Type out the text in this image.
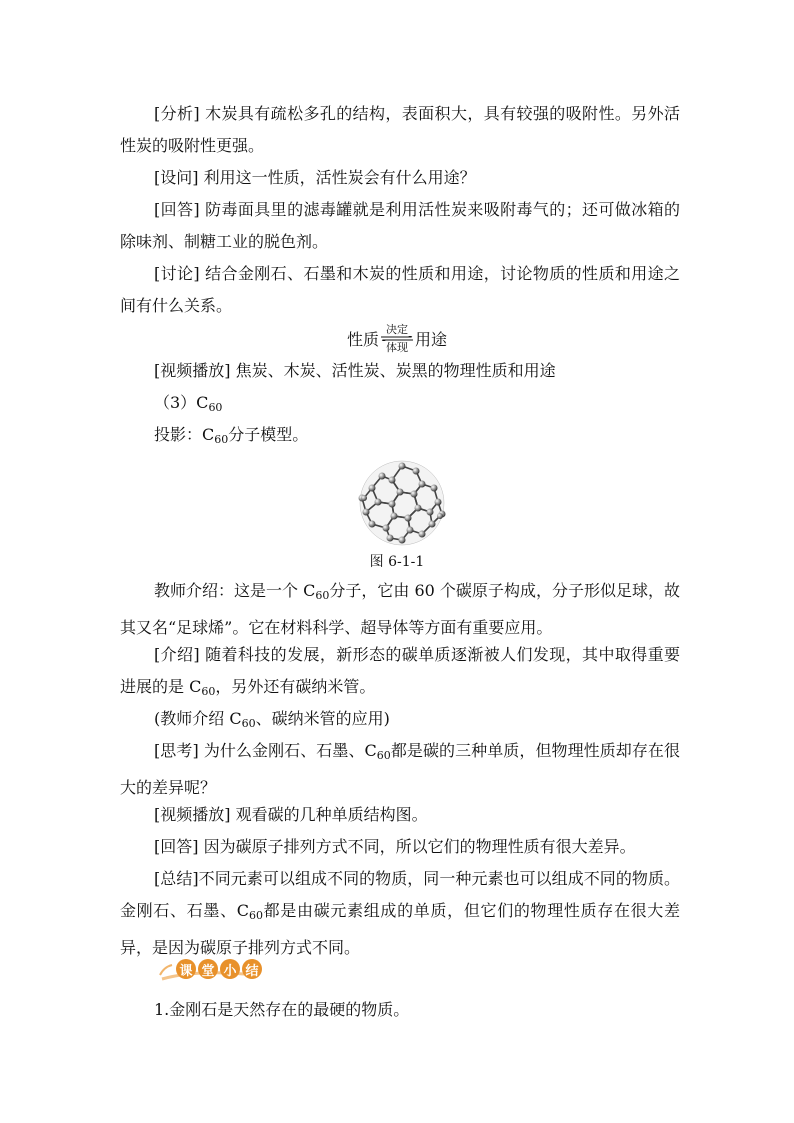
[分析] 木炭具有疏松多孔的结构，表面积大，具有较强的吸附性。另外活性炭的吸附性更强。

[设问] 利用这一性质，活性炭会有什么用途？

[回答] 防毒面具里的滤毒罐就是利用活性炭来吸附毒气的；还可做冰箱的除味剂、制糖工业的脱色剂。

[讨论] 结合金刚石、石墨和木炭的性质和用途，讨论物质的性质和用途之间有什么关系。

性质
决定
体现 用途

[视频播放] 焦炭、木炭、活性炭、炭黑的物理性质和用途

$(3)C_{60}$

投影：$C_{60}$分子模型。

图 6-1-1

教师介绍：这是一个 $C_{60}$分子，它由 60 个碳原子构成，分子形似足球，故其又名“足球烯”。它在材料科学、超导体等方面有重要应用。

[介绍] 随着科技的发展，新形态的碳单质逐渐被人们发现，其中取得重要进展的是 $C_{60}$，另外还有碳纳米管。

(教师介绍 $C_{60}$、碳纳米管的应用)

[思考] 为什么金刚石、石墨、$C_{60}$都是碳的三种单质，但物理性质却存在很大的差异呢？

[视频播放] 观看碳的几种单质结构图。

[回答] 因为碳原子排列方式不同，所以它们的物理性质有很大差异。

[总结]不同元素可以组成不同的物质，同一种元素也可以组成不同的物质。金刚石、石墨、$C_{60}$都是由碳元素组成的单质，但它们的物理性质存在很大差异，是因为碳原子排列方式不同。

课 堂 小 结

1.金刚石是天然存在的最硬的物质。
